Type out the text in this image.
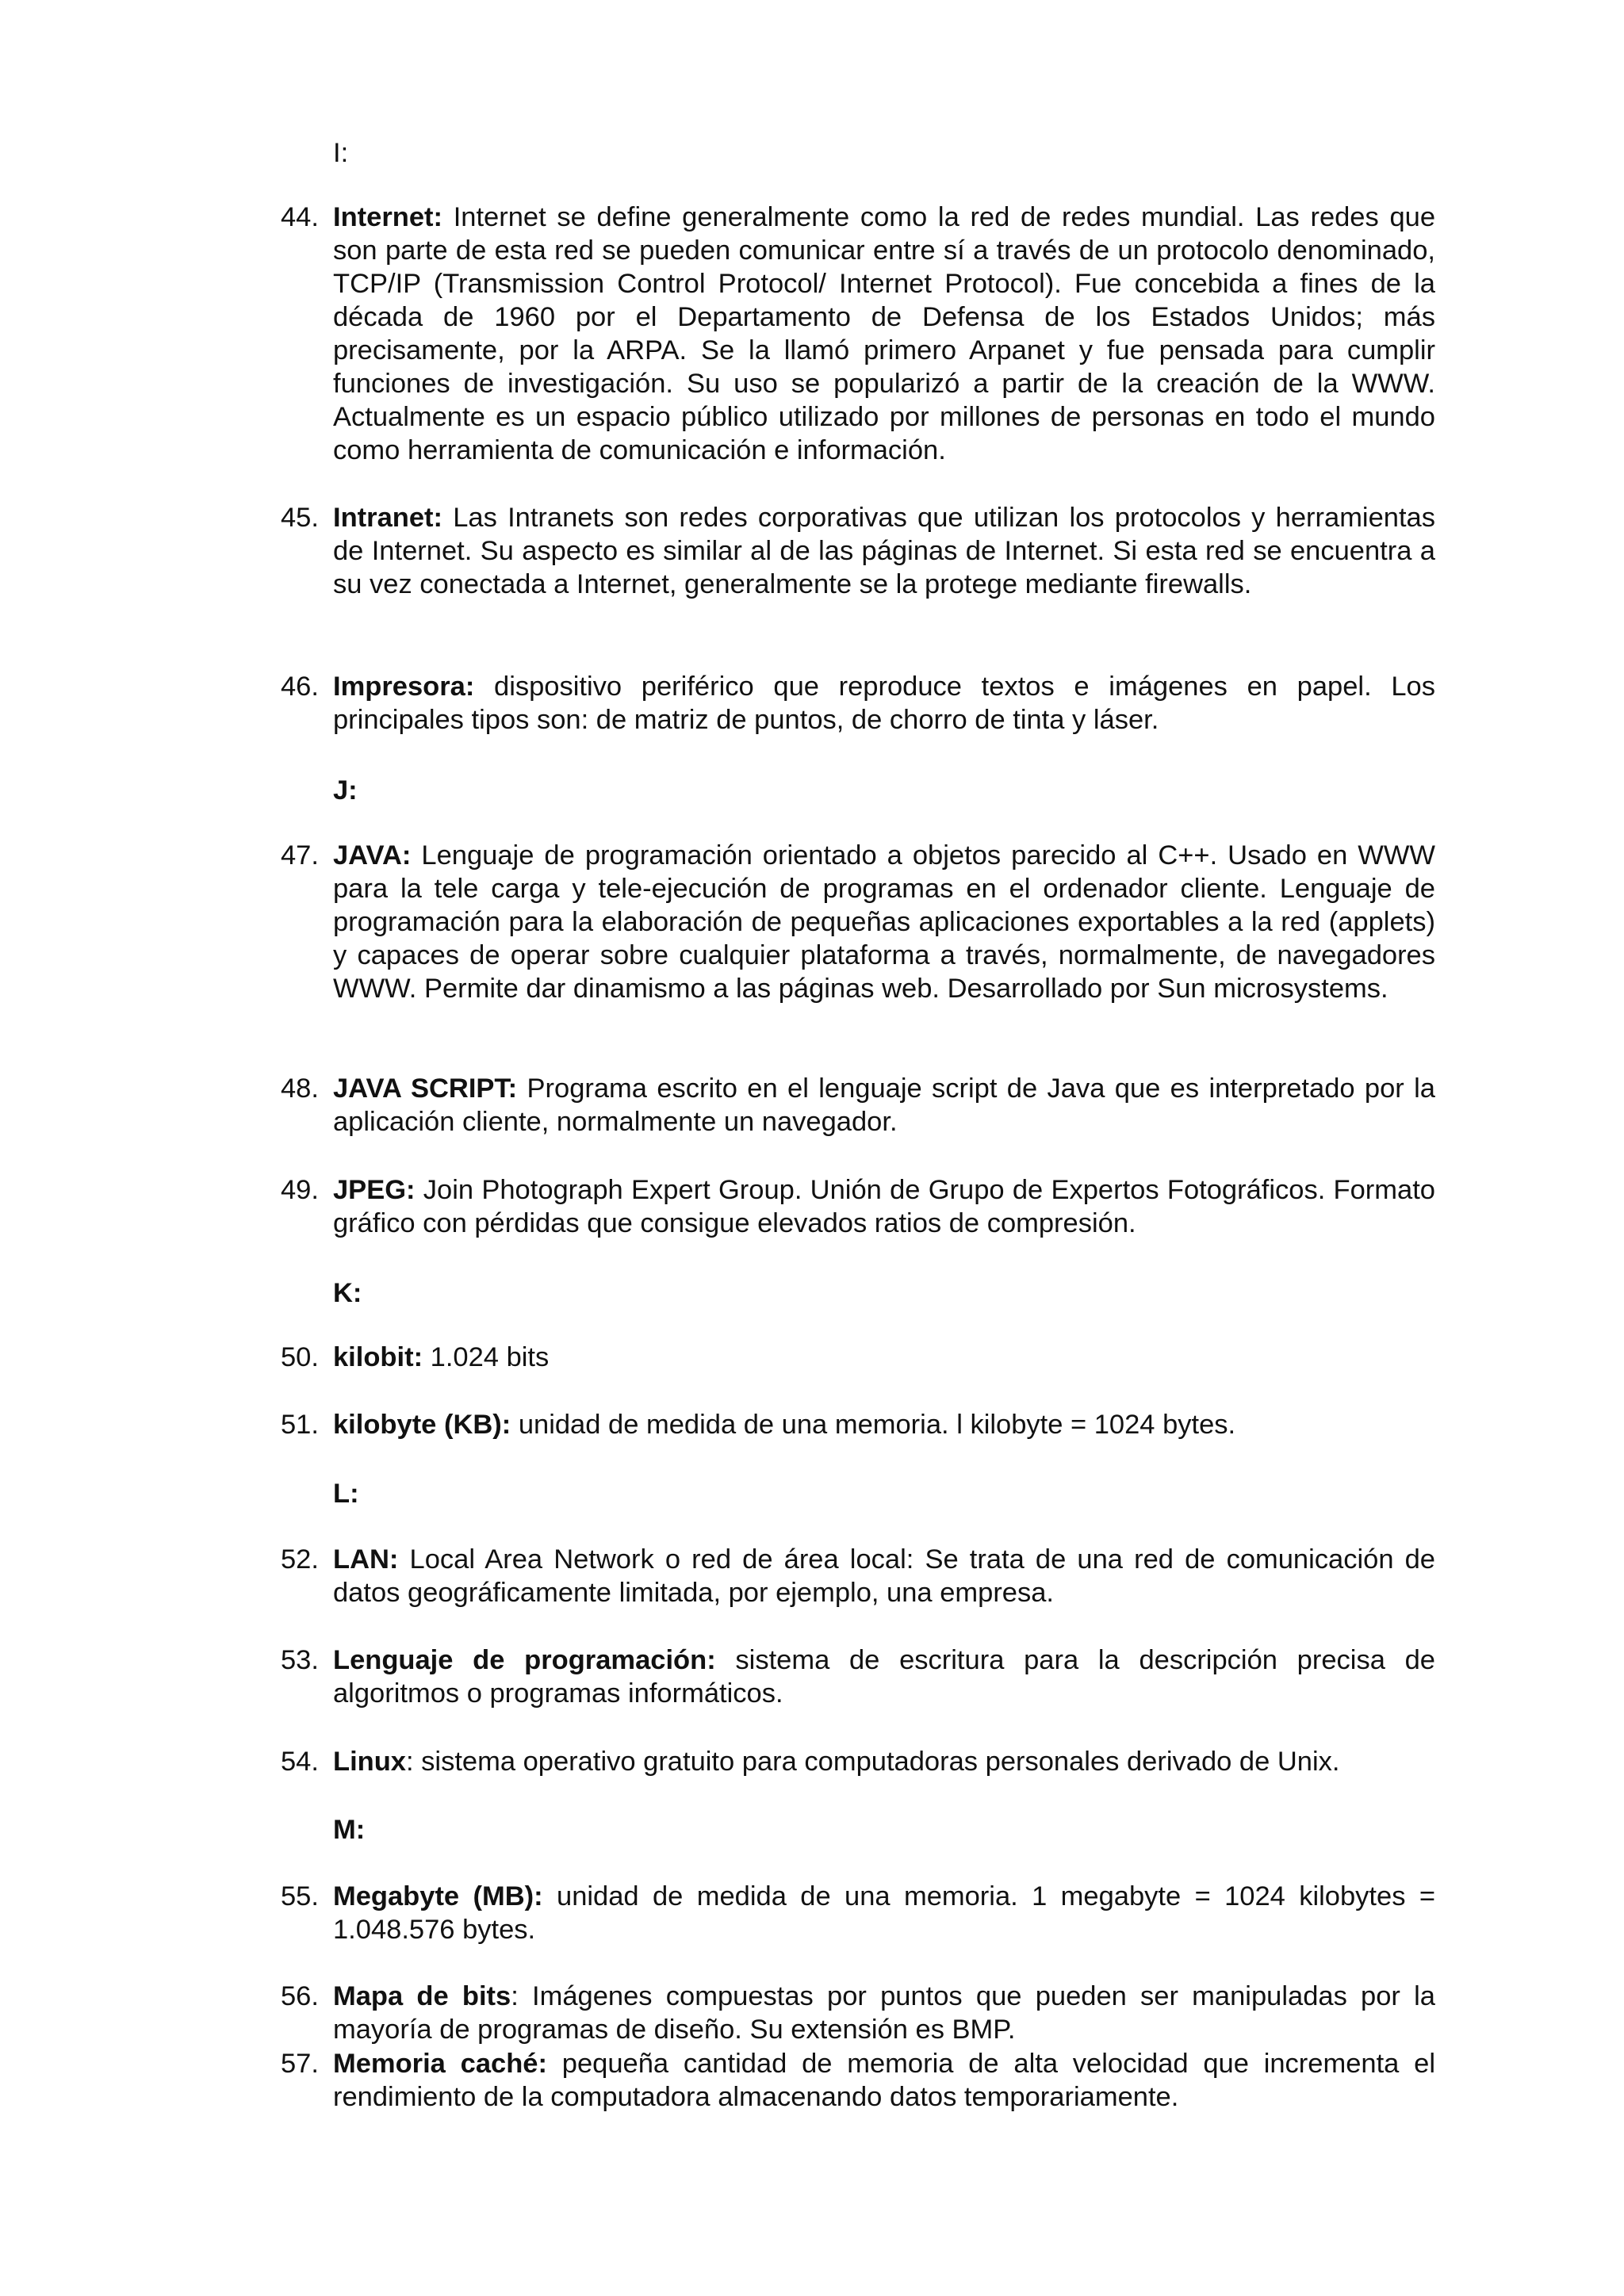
I:
44. Internet: Internet se define generalmente como la red de redes mundial. Las redes que son parte de esta red se pueden comunicar entre sí a través de un protocolo denominado, TCP/IP (Transmission Control Protocol/ Internet Protocol). Fue concebida a fines de la década de 1960 por el Departamento de Defensa de los Estados Unidos; más precisamente, por la ARPA. Se la llamó primero Arpanet y fue pensada para cumplir funciones de investigación. Su uso se popularizó a partir de la creación de la WWW. Actualmente es un espacio público utilizado por millones de personas en todo el mundo como herramienta de comunicación e información.
45. Intranet: Las Intranets son redes corporativas que utilizan los protocolos y herramientas de Internet. Su aspecto es similar al de las páginas de Internet. Si esta red se encuentra a su vez conectada a Internet, generalmente se la protege mediante firewalls.
46. Impresora: dispositivo periférico que reproduce textos e imágenes en papel. Los principales tipos son: de matriz de puntos, de chorro de tinta y láser.
J:
47. JAVA: Lenguaje de programación orientado a objetos parecido al C++. Usado en WWW para la tele carga y tele-ejecución de programas en el ordenador cliente. Lenguaje de programación para la elaboración de pequeñas aplicaciones exportables a la red (applets) y capaces de operar sobre cualquier plataforma a través, normalmente, de navegadores WWW. Permite dar dinamismo a las páginas web. Desarrollado por Sun microsystems.
48. JAVA SCRIPT: Programa escrito en el lenguaje script de Java que es interpretado por la aplicación cliente, normalmente un navegador.
49. JPEG: Join Photograph Expert Group. Unión de Grupo de Expertos Fotográficos. Formato gráfico con pérdidas que consigue elevados ratios de compresión.
K:
50. kilobit: 1.024 bits
51. kilobyte (KB): unidad de medida de una memoria. l kilobyte = 1024 bytes.
L:
52. LAN: Local Area Network o red de área local: Se trata de una red de comunicación de datos geográficamente limitada, por ejemplo, una empresa.
53. Lenguaje de programación: sistema de escritura para la descripción precisa de algoritmos o programas informáticos.
54. Linux: sistema operativo gratuito para computadoras personales derivado de Unix.
M:
55. Megabyte (MB): unidad de medida de una memoria. 1 megabyte = 1024 kilobytes = 1.048.576 bytes.
56. Mapa de bits: Imágenes compuestas por puntos que pueden ser manipuladas por la mayoría de programas de diseño. Su extensión es BMP.
57. Memoria caché: pequeña cantidad de memoria de alta velocidad que incrementa el rendimiento de la computadora almacenando datos temporariamente.
